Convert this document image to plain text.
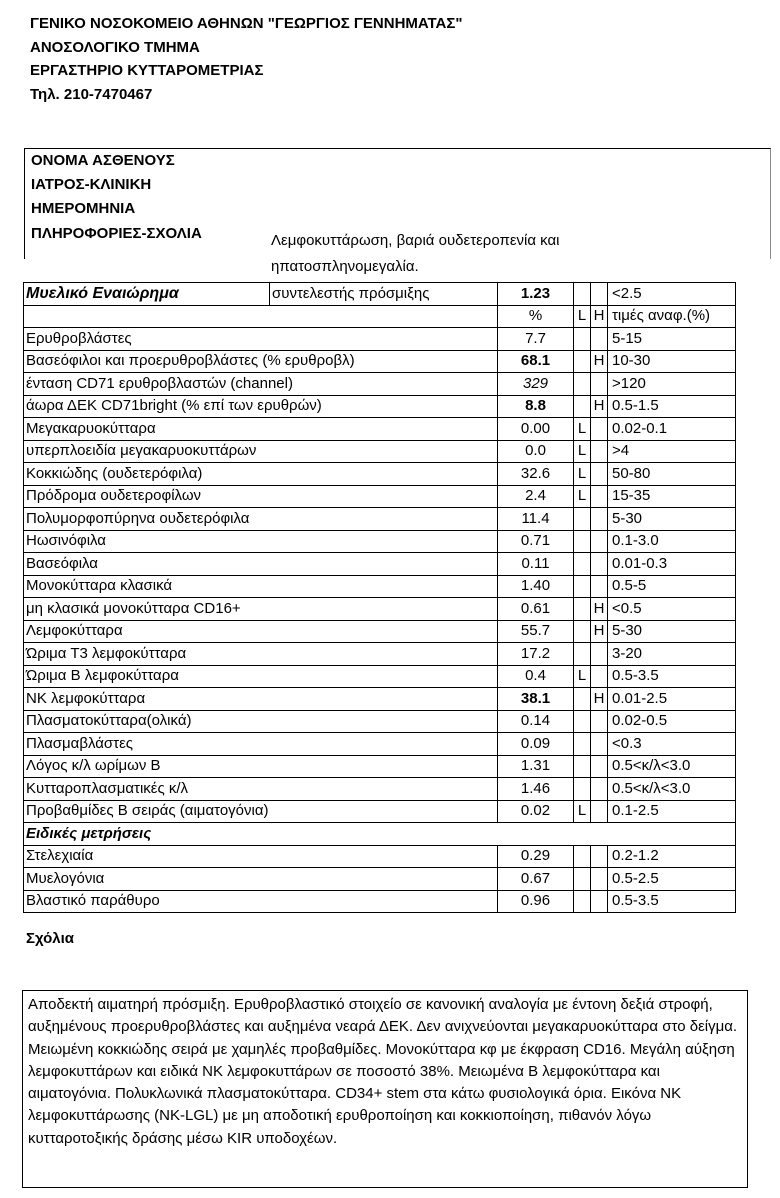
ΓΕΝΙΚΟ ΝΟΣΟΚΟΜΕΙΟ ΑΘΗΝΩΝ "ΓΕΩΡΓΙΟΣ ΓΕΝΝΗΜΑΤΑΣ"
ΑΝΟΣΟΛΟΓΙΚΟ ΤΜΗΜΑ
ΕΡΓΑΣΤΗΡΙΟ ΚΥΤΤΑΡΟΜΕΤΡΙΑΣ
Τηλ. 210-7470467
ΟΝΟΜΑ ΑΣΘΕΝΟΥΣ
ΙΑΤΡΟΣ-ΚΛΙΝΙΚΗ
ΗΜΕΡΟΜΗΝΙΑ
ΠΛΗΡΟΦΟΡΙΕΣ-ΣΧΟΛΙΑ	Λεμφοκυττάρωση, βαριά ουδετεροπενία και ηπατοσπληνομεγαλία.
Μυελικό Εναιώρημα	συντελεστής πρόσμιξης	1.23			<2.5
		%	L	H	τιμές αναφ.(%)
Ερυθροβλάστες		7.7			5-15
Βασεόφιλοι και προερυθροβλάστες (% ερυθροβλ)		68.1		H	10-30
ένταση CD71 ερυθροβλαστών (channel)		329			>120
άωρα ΔΕΚ CD71bright (% επί των ερυθρών)		8.8		H	0.5-1.5
Μεγακαρυοκύτταρα		0.00	L		0.02-0.1
υπερπλοειδία μεγακαρυοκυττάρων		0.0	L		>4
Κοκκιώδης (ουδετερόφιλα)		32.6	L		50-80
Πρόδρομα ουδετεροφίλων		2.4	L		15-35
Πολυμορφοπύρηνα ουδετερόφιλα		11.4			5-30
Ηωσινόφιλα		0.71			0.1-3.0
Βασεόφιλα		0.11			0.01-0.3
Μονοκύτταρα κλασικά		1.40			0.5-5
μη κλασικά μονοκύτταρα CD16+		0.61		H	<0.5
Λεμφοκύτταρα		55.7		H	5-30
Ώριμα Τ3 λεμφοκύτταρα		17.2			3-20
Ώριμα Β λεμφοκύτταρα		0.4	L		0.5-3.5
ΝΚ λεμφοκύτταρα		38.1		H	0.01-2.5
Πλασματοκύτταρα(ολικά)		0.14			0.02-0.5
Πλασμαβλάστες		0.09			<0.3
Λόγος κ/λ ωρίμων Β		1.31			0.5<κ/λ<3.0
Κυτταροπλασματικές κ/λ		1.46			0.5<κ/λ<3.0
Προβαθμίδες Β σειράς (αιματογόνια)		0.02	L		0.1-2.5
Ειδικές μετρήσεις					
Στελεχιαία		0.29			0.2-1.2
Μυελογόνια		0.67			0.5-2.5
Βλαστικό παράθυρο		0.96			0.5-3.5
Σχόλια
Αποδεκτή αιματηρή πρόσμιξη. Ερυθροβλαστικό στοιχείο σε κανονική αναλογία με έντονη δεξιά στροφή, αυξημένους προερυθροβλάστες και αυξημένα νεαρά ΔΕΚ. Δεν ανιχνεύονται μεγακαρυοκύτταρα στο δείγμα. Μειωμένη κοκκιώδης σειρά με χαμηλές προβαθμίδες. Μονοκύτταρα κφ με έκφραση CD16. Μεγάλη αύξηση λεμφοκυττάρων και ειδικά NK λεμφοκυττάρων σε ποσοστό 38%. Μειωμένα Β λεμφοκύτταρα και αιματογόνια. Πολυκλωνικά πλασματοκύτταρα. CD34+ stem στα κάτω φυσιολογικά όρια. Εικόνα NK λεμφοκυττάρωσης (NK-LGL) με μη αποδοτική ερυθροποίηση και κοκκιοποίηση, πιθανόν λόγω κυτταροτοξικής δράσης μέσω KIR υποδοχέων.
